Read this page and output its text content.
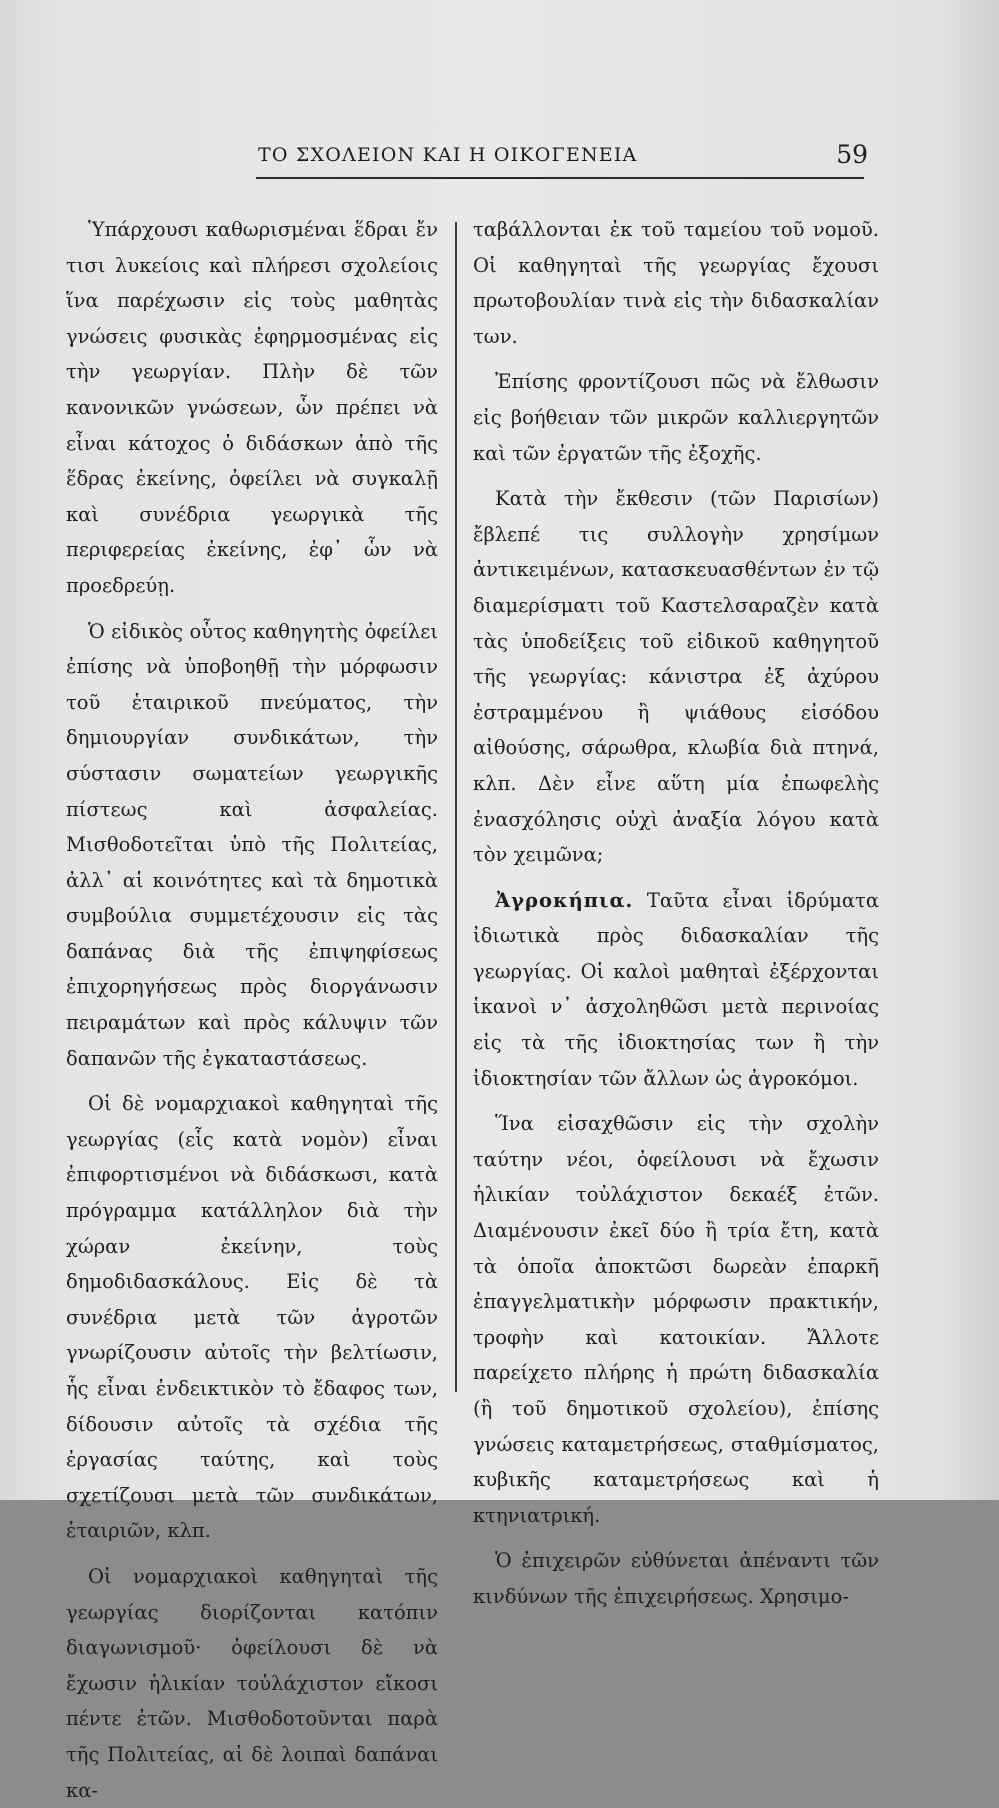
ΤΟ ΣΧΟΛΕΙΟΝ ΚΑΙ Η ΟΙΚΟΓΕΝΕΙΑ	59

Ὑπάρχουσι καθωρισμέναι ἕδραι ἔν τισι λυκείοις καὶ πλήρεσι σχολείοις ἵνα παρέχωσιν εἰς τοὺς μαθητὰς γνώσεις φυσικὰς ἐφηρμοσμένας εἰς τὴν γεωργίαν. Πλὴν δὲ τῶν κανονικῶν γνώσεων, ὧν πρέπει νὰ εἶναι κάτοχος ὁ διδάσκων ἀπὸ τῆς ἕδρας ἐκείνης, ὀφείλει νὰ συγκαλῇ καὶ συνέδρια γεωργικὰ τῆς περιφερείας ἐκείνης, ἐφ᾽ ὧν νὰ προεδρεύῃ.

Ὁ εἰδικὸς οὗτος καθηγητὴς ὀφείλει ἐπίσης νὰ ὑποβοηθῇ τὴν μόρφωσιν τοῦ ἑταιρικοῦ πνεύματος, τὴν δημιουργίαν συνδικάτων, τὴν σύστασιν σωματείων γεωργικῆς πίστεως καὶ ἀσφαλείας. Μισθοδοτεῖται ὑπὸ τῆς Πολιτείας, ἀλλ᾽ αἱ κοινότητες καὶ τὰ δημοτικὰ συμβούλια συμμετέχουσιν εἰς τὰς δαπάνας διὰ τῆς ἐπιψηφίσεως ἐπιχορηγήσεως πρὸς διοργάνωσιν πειραμάτων καὶ πρὸς κάλυψιν τῶν δαπανῶν τῆς ἐγκαταστάσεως.

Οἱ δὲ νομαρχιακοὶ καθηγηταὶ τῆς γεωργίας (εἷς κατὰ νομὸν) εἶναι ἐπιφορτισμένοι νὰ διδάσκωσι, κατὰ πρόγραμμα κατάλληλον διὰ τὴν χώραν ἐκείνην, τοὺς δημοδιδασκάλους. Εἰς δὲ τὰ συνέδρια μετὰ τῶν ἀγροτῶν γνωρίζουσιν αὐτοῖς τὴν βελτίωσιν, ἧς εἶναι ἐνδεικτικὸν τὸ ἔδαφος των, δίδουσιν αὐτοῖς τὰ σχέδια τῆς ἐργασίας ταύτης, καὶ τοὺς σχετίζουσι μετὰ τῶν συνδικάτων, ἑταιριῶν, κλπ.

Οἱ νομαρχιακοὶ καθηγηταὶ τῆς γεωργίας διορίζονται κατόπιν διαγωνισμοῦ· ὀφείλουσι δὲ νὰ ἔχωσιν ἡλικίαν τοὐλάχιστον εἴκοσι πέντε ἐτῶν. Μισθοδοτοῦνται παρὰ τῆς Πολιτείας, αἱ δὲ λοιπαὶ δαπάναι κα-

ταβάλλονται ἐκ τοῦ ταμείου τοῦ νομοῦ. Οἱ καθηγηταὶ τῆς γεωργίας ἔχουσι πρωτοβουλίαν τινὰ εἰς τὴν διδασκαλίαν των.

Ἐπίσης φροντίζουσι πῶς νὰ ἔλθωσιν εἰς βοήθειαν τῶν μικρῶν καλλιεργητῶν καὶ τῶν ἐργατῶν τῆς ἐξοχῆς.

Κατὰ τὴν ἔκθεσιν (τῶν Παρισίων) ἔβλεπέ τις συλλογὴν χρησίμων ἀντικειμένων, κατασκευασθέντων ἐν τῷ διαμερίσματι τοῦ Καστελσαραζὲν κατὰ τὰς ὑποδείξεις τοῦ εἰδικοῦ καθηγητοῦ τῆς γεωργίας: κάνιστρα ἐξ ἀχύρου ἐστραμμένου ἢ ψιάθους εἰσόδου αἰθούσης, σάρωθρα, κλωβία διὰ πτηνά, κλπ. Δὲν εἶνε αὕτη μία ἐπωφελὴς ἐνασχόλησις οὐχὶ ἀναξία λόγου κατὰ τὸν χειμῶνα;

Ἀγροκήπια. Ταῦτα εἶναι ἱδρύματα ἰδιωτικὰ πρὸς διδασκαλίαν τῆς γεωργίας. Οἱ καλοὶ μαθηταὶ ἐξέρχονται ἱκανοὶ ν᾽ ἀσχοληθῶσι μετὰ περινοίας εἰς τὰ τῆς ἰδιοκτησίας των ἢ τὴν ἰδιοκτησίαν τῶν ἄλλων ὡς ἀγροκόμοι.

Ἵνα εἰσαχθῶσιν εἰς τὴν σχολὴν ταύτην νέοι, ὀφείλουσι νὰ ἔχωσιν ἡλικίαν τοὐλάχιστον δεκαέξ ἐτῶν. Διαμένουσιν ἐκεῖ δύο ἢ τρία ἔτη, κατὰ τὰ ὁποῖα ἀποκτῶσι δωρεὰν ἐπαρκῆ ἐπαγγελματικὴν μόρφωσιν πρακτικήν, τροφὴν καὶ κατοικίαν. Ἄλλοτε παρείχετο πλήρης ἡ πρώτη διδασκαλία (ἢ τοῦ δημοτικοῦ σχολείου), ἐπίσης γνώσεις καταμετρήσεως, σταθμίσματος, κυβικῆς καταμετρήσεως καὶ ἡ κτηνιατρική.

Ὁ ἐπιχειρῶν εὐθύνεται ἀπέναντι τῶν κινδύνων τῆς ἐπιχειρήσεως. Χρησιμο-
